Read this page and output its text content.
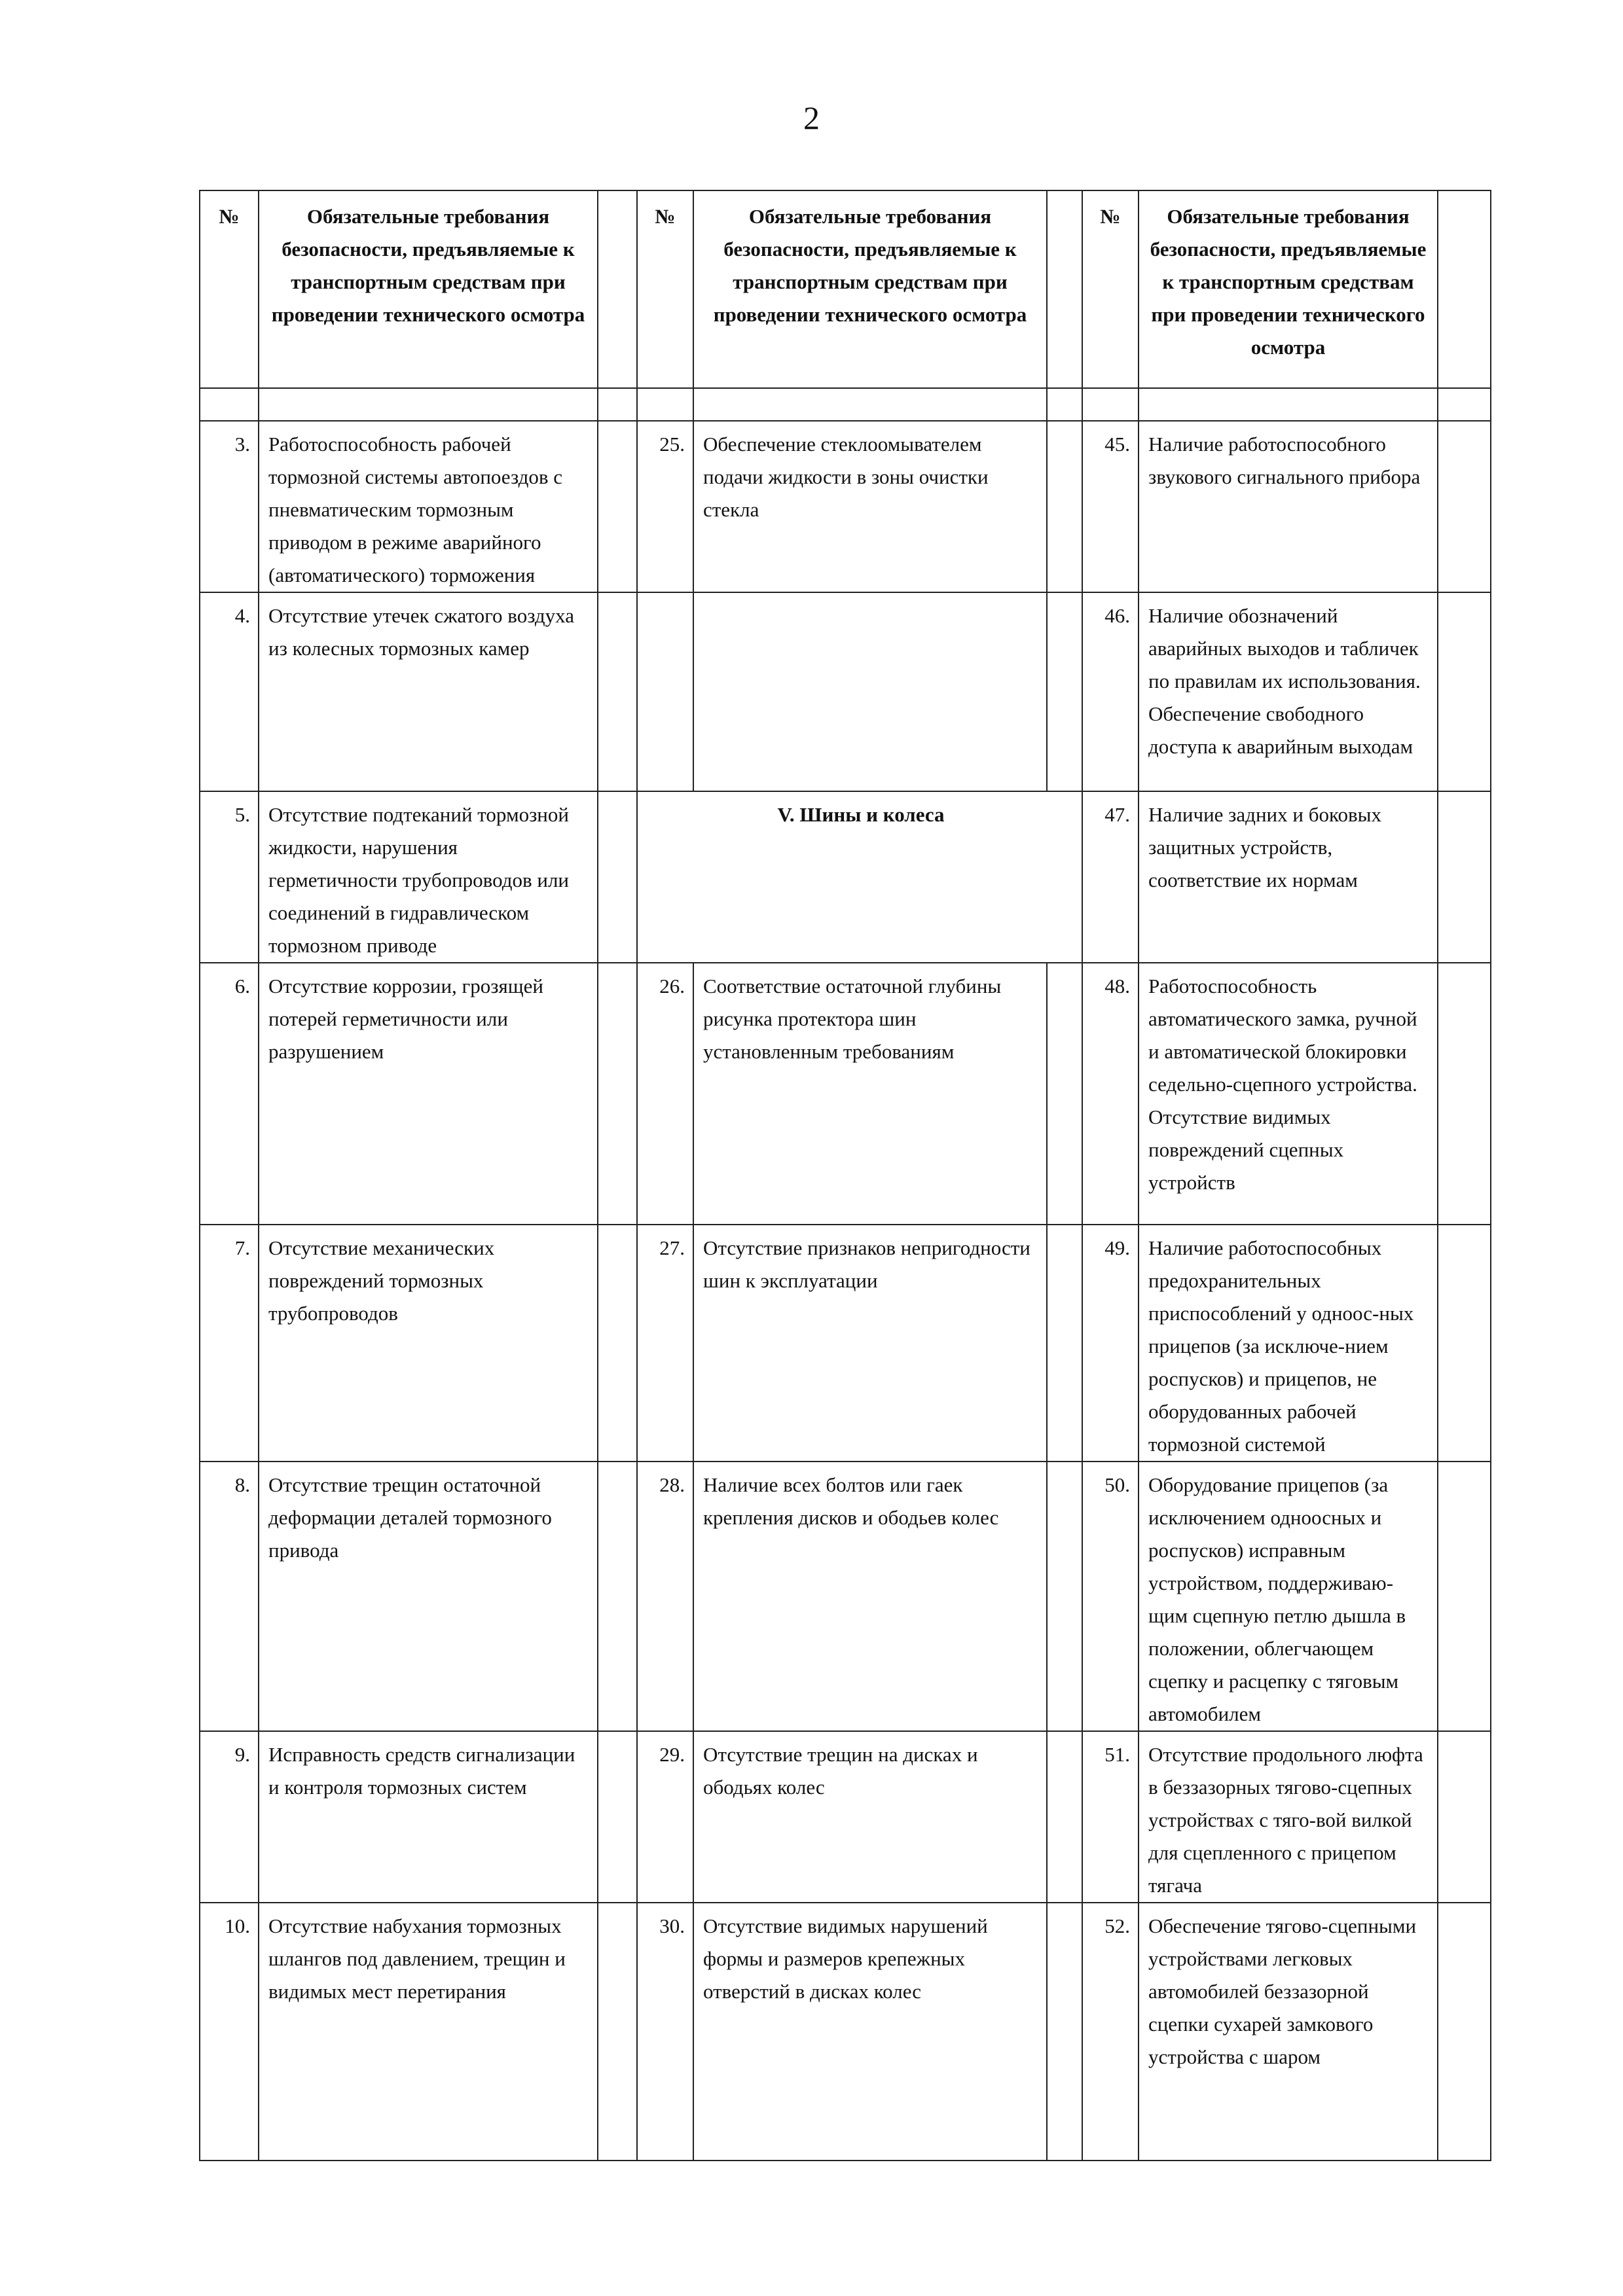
2
№	Обязательные требования безопасности, предъявляемые к транспортным средствам при проведении технического осмотра		№	Обязательные требования безопасности, предъявляемые к транспортным средствам при проведении технического осмотра		№	Обязательные требования безопасности, предъявляемые к транспортным средствам при проведении технического осмотра	

3.	Работоспособность рабочей тормозной системы автопоездов с пневматическим тормозным приводом в режиме аварийного (автоматического) торможения		25.	Обеспечение стеклоомывателем подачи жидкости в зоны очистки стекла		45.	Наличие работоспособного звукового сигнального прибора	
4.	Отсутствие утечек сжатого воздуха из колесных тормозных камер					46.	Наличие обозначений аварийных выходов и табличек по правилам их использования. Обеспечение свободного доступа к аварийным выходам	
5.	Отсутствие подтеканий тормозной жидкости, нарушения герметичности трубопроводов или соединений в гидравлическом тормозном приводе		V. Шины и колеса			47.	Наличие задних и боковых защитных устройств, соответствие их нормам	
6.	Отсутствие коррозии, грозящей потерей герметичности или разрушением		26.	Соответствие остаточной глубины рисунка протектора шин установленным требованиям		48.	Работоспособность автоматического замка, ручной и автоматической блокировки седельно-сцепного устройства. Отсутствие видимых повреждений сцепных устройств	
7.	Отсутствие механических повреждений тормозных трубопроводов		27.	Отсутствие признаков непригодности шин к эксплуатации		49.	Наличие работоспособных предохранительных приспособлений у одноос-ных прицепов (за исключе-нием роспусков) и прицепов, не оборудованных рабочей тормозной системой	
8.	Отсутствие трещин остаточной деформации деталей тормозного привода		28.	Наличие всех болтов или гаек крепления дисков и ободьев колес		50.	Оборудование прицепов (за исключением одноосных и роспусков) исправным устройством, поддерживаю-щим сцепную петлю дышла в положении, облегчающем сцепку и расцепку с тяговым автомобилем	
9.	Исправность средств сигнализации и контроля тормозных систем		29.	Отсутствие трещин на дисках и ободьях колес		51.	Отсутствие продольного люфта в беззазорных тягово-сцепных устройствах с тяго-вой вилкой для сцепленного с прицепом тягача	
10.	Отсутствие набухания тормозных шлангов под давлением, трещин и видимых мест перетирания		30.	Отсутствие видимых нарушений формы и размеров крепежных отверстий в дисках колес		52.	Обеспечение тягово-сцепными устройствами легковых автомобилей беззазорной сцепки сухарей замкового устройства с шаром	
